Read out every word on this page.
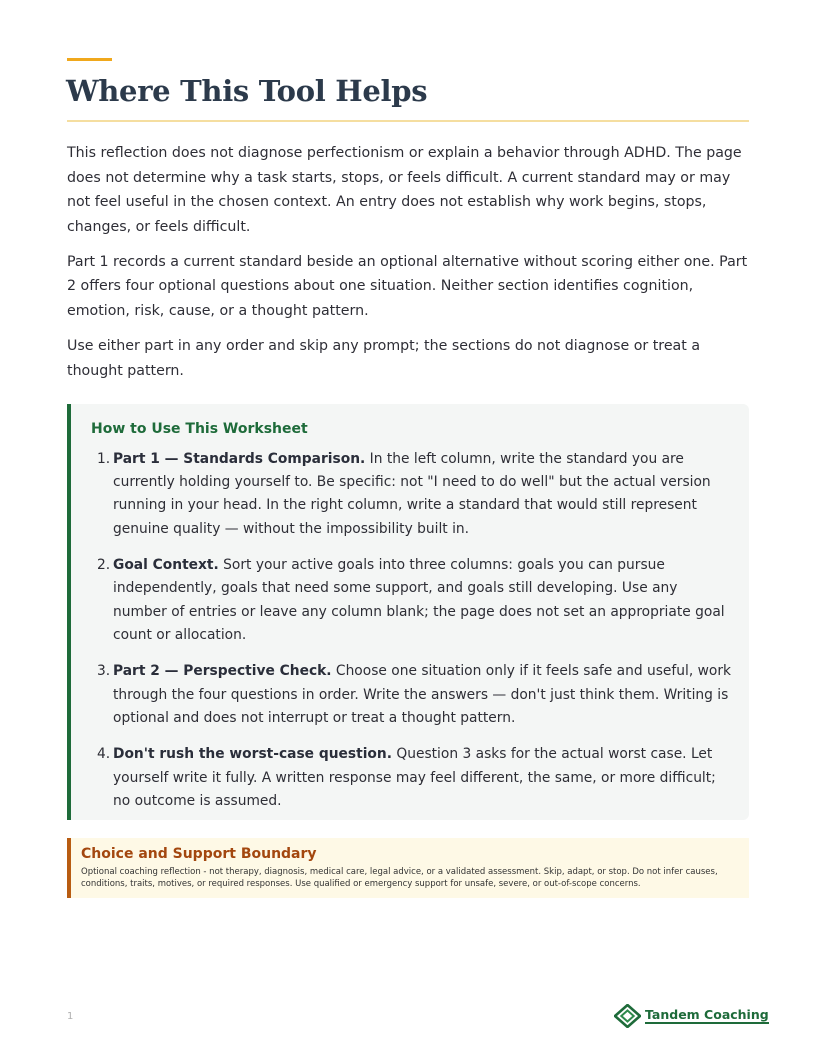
Where This Tool Helps

This reflection does not diagnose perfectionism or explain a behavior through ADHD. The page does not determine why a task starts, stops, or feels difficult. A current standard may or may not feel useful in the chosen context. An entry does not establish why work begins, stops, changes, or feels difficult.

Part 1 records a current standard beside an optional alternative without scoring either one. Part 2 offers four optional questions about one situation. Neither section identifies cognition, emotion, risk, cause, or a thought pattern.

Use either part in any order and skip any prompt; the sections do not diagnose or treat a thought pattern.

How to Use This Worksheet
1. Part 1 — Standards Comparison. In the left column, write the standard you are currently holding yourself to. Be specific: not "I need to do well" but the actual version running in your head. In the right column, write a standard that would still represent genuine quality — without the impossibility built in.
2. Goal Context. Sort your active goals into three columns: goals you can pursue independently, goals that need some support, and goals still developing. Use any number of entries or leave any column blank; the page does not set an appropriate goal count or allocation.
3. Part 2 — Perspective Check. Choose one situation only if it feels safe and useful, work through the four questions in order. Write the answers — don't just think them. Writing is optional and does not interrupt or treat a thought pattern.
4. Don't rush the worst-case question. Question 3 asks for the actual worst case. Let yourself write it fully. A written response may feel different, the same, or more difficult; no outcome is assumed.
Choice and Support Boundary

Optional coaching reflection - not therapy, diagnosis, medical care, legal advice, or a validated assessment. Skip, adapt, or stop. Do not infer causes, conditions, traits, motives, or required responses. Use qualified or emergency support for unsafe, severe, or out-of-scope concerns.

1	Tandem Coaching
